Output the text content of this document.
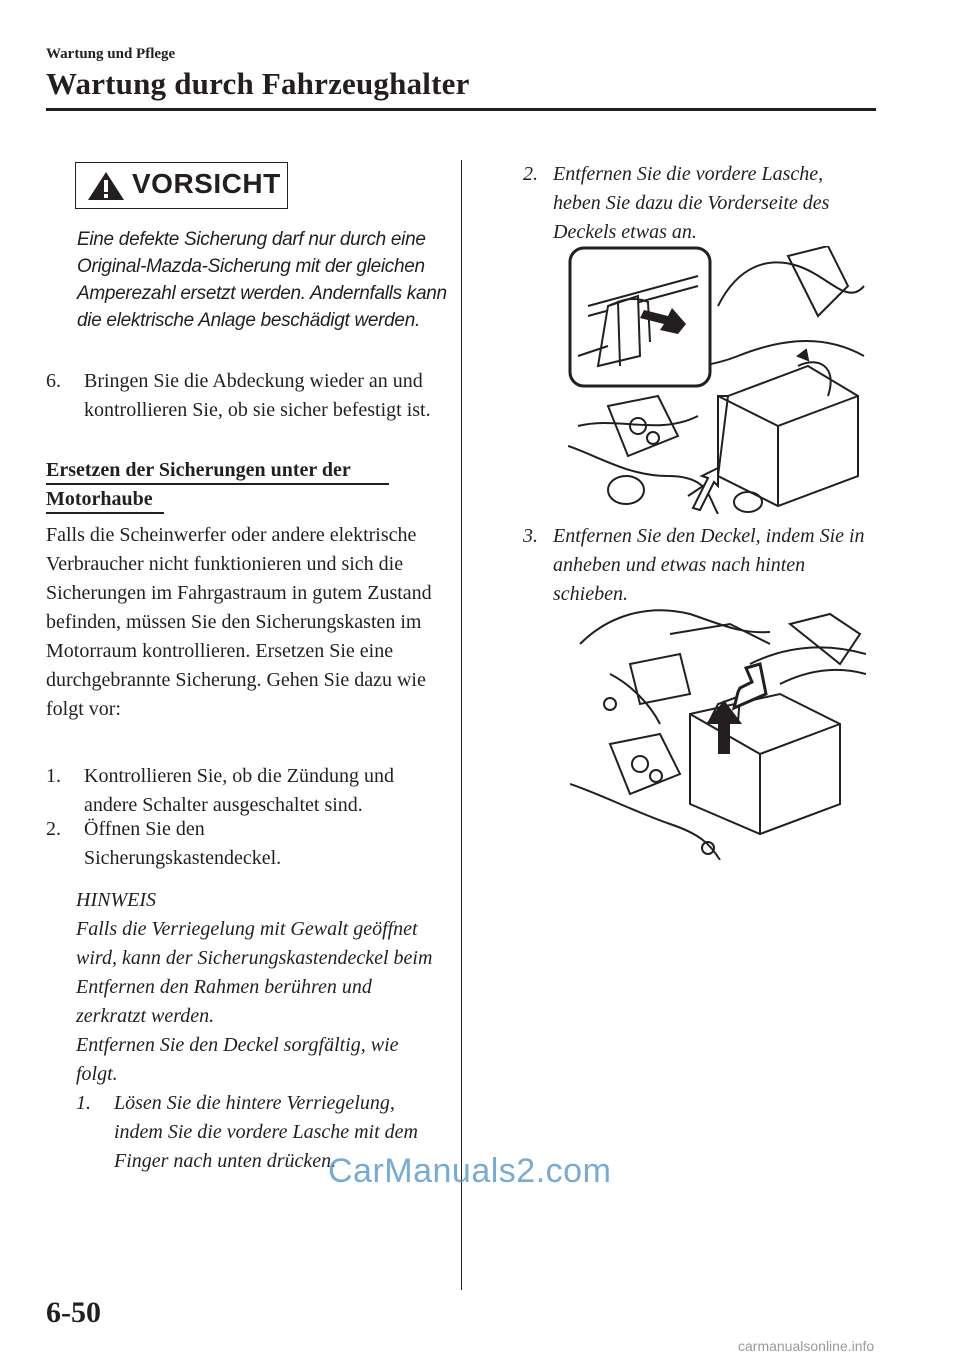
Wartung und Pflege
Wartung durch Fahrzeughalter
VORSICHT
Eine defekte Sicherung darf nur durch eine Original-Mazda-Sicherung mit der gleichen Amperezahl ersetzt werden. Andernfalls kann die elektrische Anlage beschädigt werden.
6. Bringen Sie die Abdeckung wieder an und kontrollieren Sie, ob sie sicher befestigt ist.
Ersetzen der Sicherungen unter der
Motorhaube
Falls die Scheinwerfer oder andere elektrische Verbraucher nicht funktionieren und sich die Sicherungen im Fahrgastraum in gutem Zustand befinden, müssen Sie den Sicherungskasten im Motorraum kontrollieren. Ersetzen Sie eine durchgebrannte Sicherung. Gehen Sie dazu wie folgt vor:
1. Kontrollieren Sie, ob die Zündung und andere Schalter ausgeschaltet sind.
2. Öffnen Sie den Sicherungskastendeckel.
HINWEIS
Falls die Verriegelung mit Gewalt geöffnet wird, kann der Sicherungskastendeckel beim Entfernen den Rahmen berühren und zerkratzt werden.
Entfernen Sie den Deckel sorgfältig, wie folgt.
1. Lösen Sie die hintere Verriegelung, indem Sie die vordere Lasche mit dem Finger nach unten drücken.
2. Entfernen Sie die vordere Lasche, heben Sie dazu die Vorderseite des Deckels etwas an.
3. Entfernen Sie den Deckel, indem Sie in anheben und etwas nach hinten schieben.
6-50
CarManuals2.com
carmanualsonline.info
